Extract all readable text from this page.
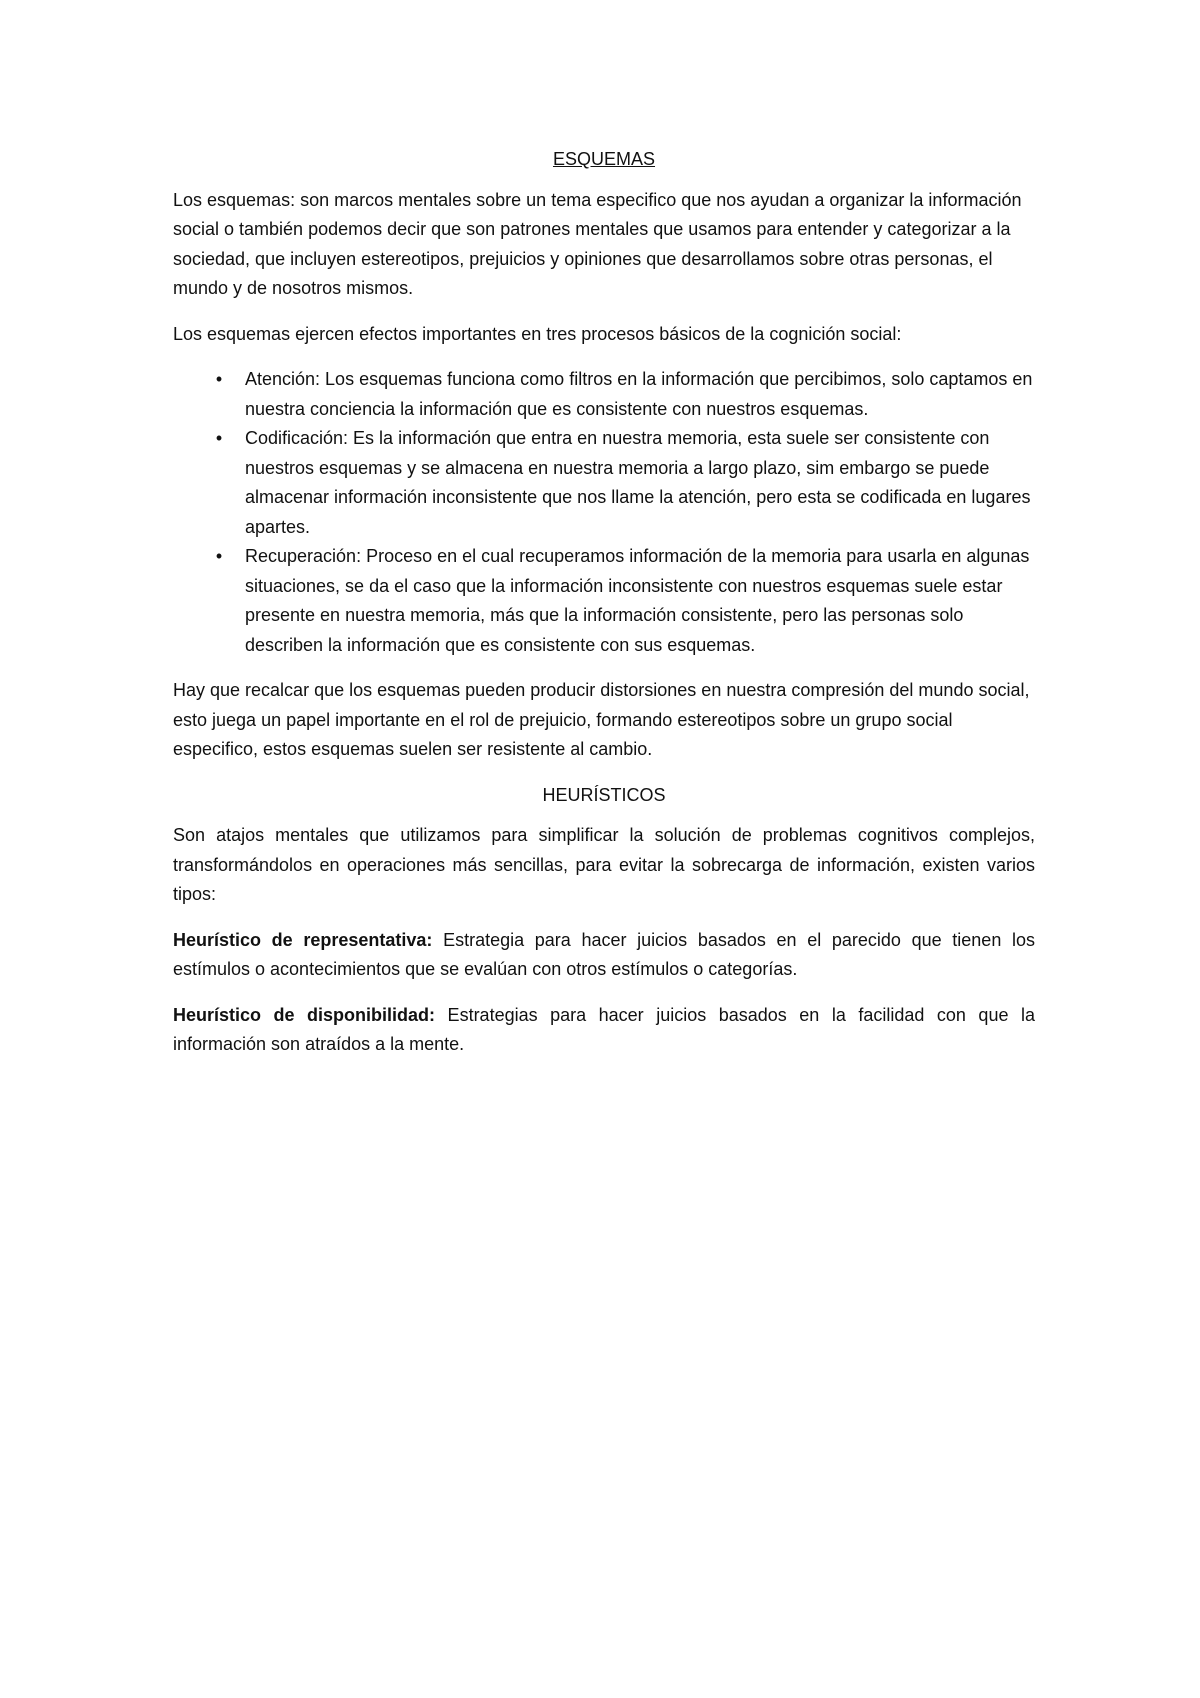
ESQUEMAS

Los esquemas: son marcos mentales sobre un tema especifico que nos ayudan a organizar la información social o también podemos decir que son patrones mentales que usamos para entender y categorizar a la sociedad, que incluyen estereotipos, prejuicios y opiniones que desarrollamos sobre otras personas, el mundo y de nosotros mismos.

Los esquemas ejercen efectos importantes en tres procesos básicos de la cognición social:

•	Atención: Los esquemas funciona como filtros en la información que percibimos, solo captamos en nuestra conciencia la información que es consistente con nuestros esquemas.
•	Codificación: Es la información que entra en nuestra memoria, esta suele ser consistente con nuestros esquemas y se almacena en nuestra memoria a largo plazo, sim embargo se puede almacenar información inconsistente que nos llame la atención, pero esta se codificada en lugares apartes.
•	Recuperación: Proceso en el cual recuperamos información de la memoria para usarla en algunas situaciones, se da el caso que la información inconsistente con nuestros esquemas suele estar presente en nuestra memoria, más que la información consistente, pero las personas solo describen la información que es consistente con sus esquemas.

Hay que recalcar que los esquemas pueden producir distorsiones en nuestra compresión del mundo social, esto juega un papel importante en el rol de prejuicio, formando estereotipos sobre un grupo social especifico, estos esquemas suelen ser resistente al cambio.

HEURÍSTICOS

Son atajos mentales que utilizamos para simplificar la solución de problemas cognitivos complejos, transformándolos en operaciones más sencillas, para evitar la sobrecarga de información, existen varios tipos:

Heurístico de representativa: Estrategia para hacer juicios basados en el parecido que tienen los estímulos o acontecimientos que se evalúan con otros estímulos o categorías.

Heurístico de disponibilidad: Estrategias para hacer juicios basados en la facilidad con que la información son atraídos a la mente.
